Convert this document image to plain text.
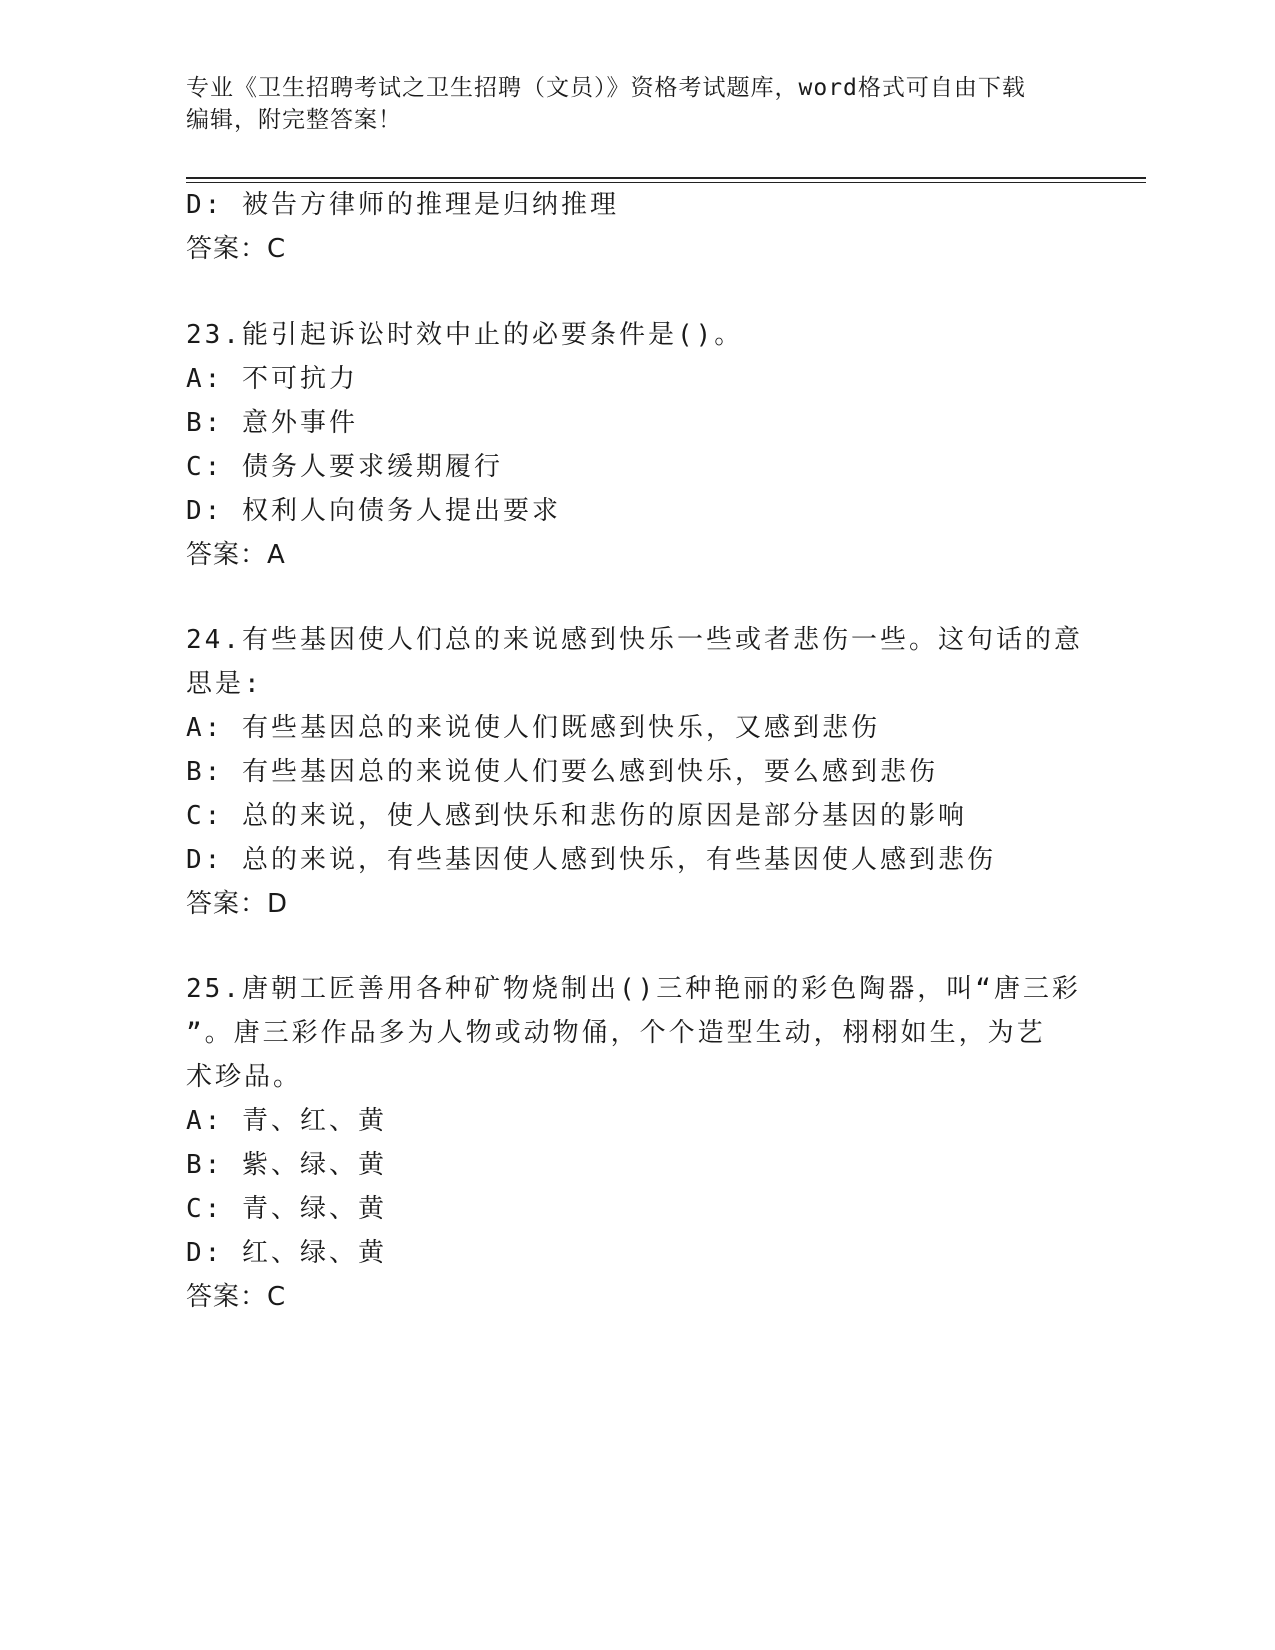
专业《卫生招聘考试之卫生招聘（文员）》资格考试题库，word格式可自由下载
编辑，附完整答案！
D: 被告方律师的推理是归纳推理
答案：C
23.能引起诉讼时效中止的必要条件是()。
A: 不可抗力
B: 意外事件
C: 债务人要求缓期履行
D: 权利人向债务人提出要求
答案：A
24.有些基因使人们总的来说感到快乐一些或者悲伤一些。这句话的意
思是:
A: 有些基因总的来说使人们既感到快乐，又感到悲伤
B: 有些基因总的来说使人们要么感到快乐，要么感到悲伤
C: 总的来说，使人感到快乐和悲伤的原因是部分基因的影响
D: 总的来说，有些基因使人感到快乐，有些基因使人感到悲伤
答案：D
25.唐朝工匠善用各种矿物烧制出()三种艳丽的彩色陶器，叫“唐三彩
”。唐三彩作品多为人物或动物俑，个个造型生动，栩栩如生，为艺
术珍品。
A: 青、红、黄
B: 紫、绿、黄
C: 青、绿、黄
D: 红、绿、黄
答案：C
